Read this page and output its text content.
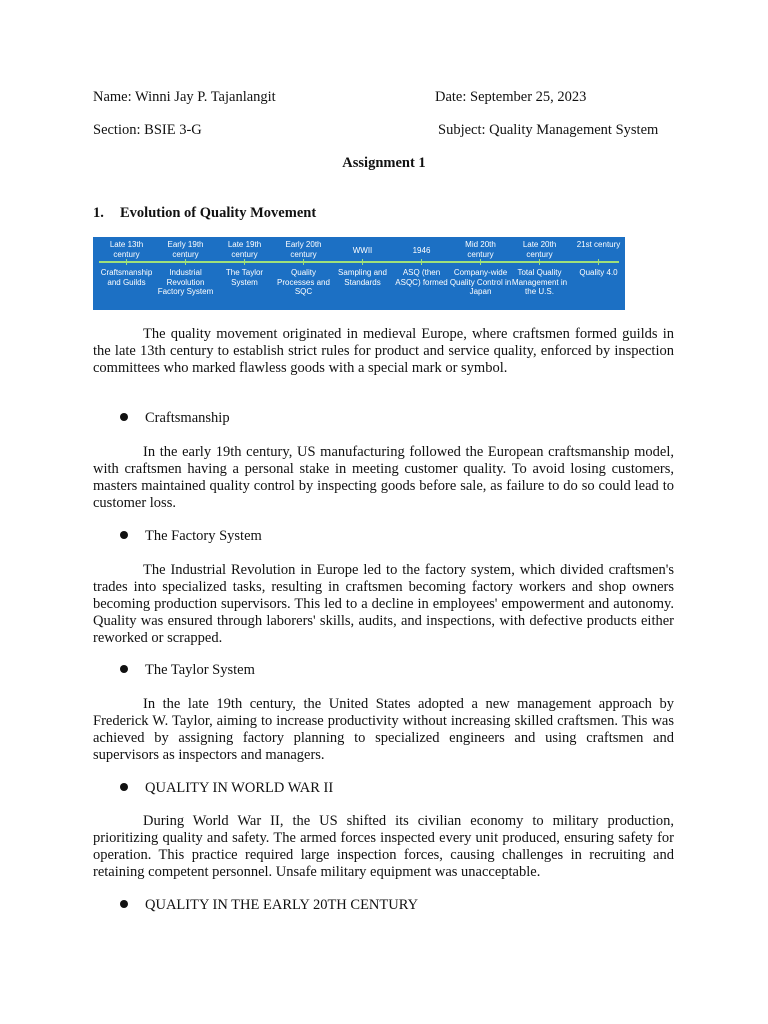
Name: Winni Jay P. Tajanlangit	Date: September 25, 2023
Section: BSIE 3-G	Subject: Quality Management System
Assignment 1
1. Evolution of Quality Movement
Late 13th century
Craftsmanship and Guilds
Early 19th century
Industrial Revolution Factory System
Late 19th century
The Taylor System
Early 20th century
Quality Processes and SQC
WWII
Sampling and Standards
1946
ASQ (then ASQC) formed
Mid 20th century
Company-wide Quality Control in Japan
Late 20th century
Total Quality Management in the U.S.
21st century
Quality 4.0

The quality movement originated in medieval Europe, where craftsmen formed guilds in the late 13th century to establish strict rules for product and service quality, enforced by inspection committees who marked flawless goods with a special mark or symbol.

Craftsmanship

In the early 19th century, US manufacturing followed the European craftsmanship model, with craftsmen having a personal stake in meeting customer quality. To avoid losing customers, masters maintained quality control by inspecting goods before sale, as failure to do so could lead to customer loss.

The Factory System

The Industrial Revolution in Europe led to the factory system, which divided craftsmen's trades into specialized tasks, resulting in craftsmen becoming factory workers and shop owners becoming production supervisors. This led to a decline in employees' empowerment and autonomy. Quality was ensured through laborers' skills, audits, and inspections, with defective products either reworked or scrapped.

The Taylor System

In the late 19th century, the United States adopted a new management approach by Frederick W. Taylor, aiming to increase productivity without increasing skilled craftsmen. This was achieved by assigning factory planning to specialized engineers and using craftsmen and supervisors as inspectors and managers.

QUALITY IN WORLD WAR II

During World War II, the US shifted its civilian economy to military production, prioritizing quality and safety. The armed forces inspected every unit produced, ensuring safety for operation. This practice required large inspection forces, causing challenges in recruiting and retaining competent personnel. Unsafe military equipment was unacceptable.

QUALITY IN THE EARLY 20TH CENTURY
